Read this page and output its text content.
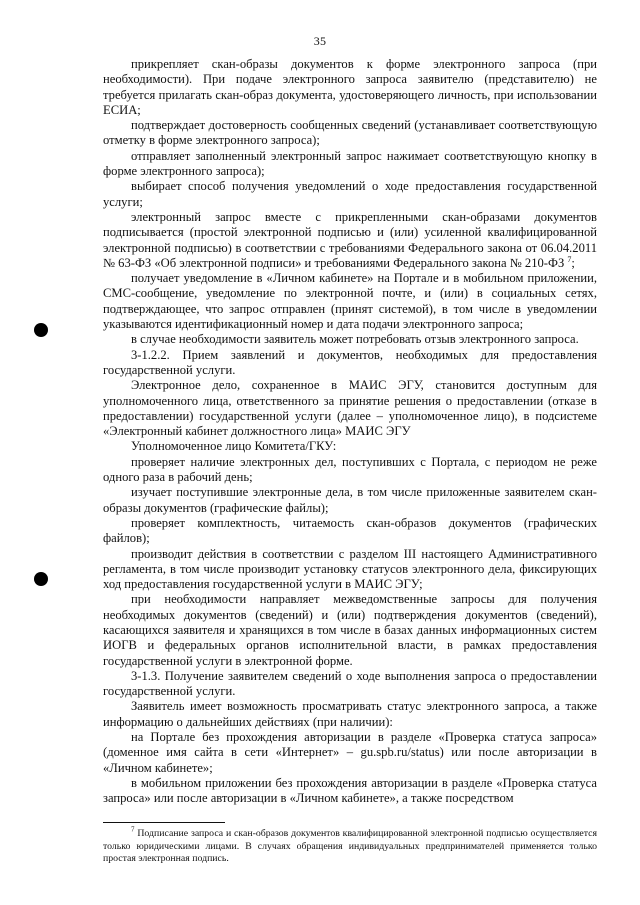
35

прикрепляет скан-образы документов к форме электронного запроса (при необходимости). При подаче электронного запроса заявителю (представителю) не требуется прилагать скан-образ документа, удостоверяющего личность, при использовании ЕСИА;

подтверждает достоверность сообщенных сведений (устанавливает соответствующую отметку в форме электронного запроса);

отправляет заполненный электронный запрос нажимает соответствующую кнопку в форме электронного запроса);

выбирает способ получения уведомлений о ходе предоставления государственной услуги;

электронный запрос вместе с прикрепленными скан-образами документов подписывается (простой электронной подписью и (или) усиленной квалифицированной электронной подписью) в соответствии с требованиями Федерального закона от 06.04.2011 № 63-ФЗ «Об электронной подписи» и требованиями Федерального закона № 210-ФЗ $^7$;

получает уведомление в «Личном кабинете» на Портале и в мобильном приложении, СМС-сообщение, уведомление по электронной почте, и (или) в социальных сетях, подтверждающее, что запрос отправлен (принят системой), в том числе в уведомлении указываются идентификационный номер и дата подачи электронного запроса;

в случае необходимости заявитель может потребовать отзыв электронного запроса.

3-1.2.2. Прием заявлений и документов, необходимых для предоставления государственной услуги.

Электронное дело, сохраненное в МАИС ЭГУ, становится доступным для уполномоченного лица, ответственного за принятие решения о предоставлении (отказе в предоставлении) государственной услуги (далее – уполномоченное лицо), в подсистеме «Электронный кабинет должностного лица» МАИС ЭГУ

Уполномоченное лицо Комитета/ГКУ:

проверяет наличие электронных дел, поступивших с Портала, с периодом не реже одного раза в рабочий день;

изучает поступившие электронные дела, в том числе приложенные заявителем скан-образы документов (графические файлы);

проверяет комплектность, читаемость скан-образов документов (графических файлов);

производит действия в соответствии с разделом III настоящего Административного регламента, в том числе производит установку статусов электронного дела, фиксирующих ход предоставления государственной услуги в МАИС ЭГУ;

при необходимости направляет межведомственные запросы для получения необходимых документов (сведений) и (или) подтверждения документов (сведений), касающихся заявителя и хранящихся в том числе в базах данных информационных систем ИОГВ и федеральных органов исполнительной власти, в рамках предоставления государственной услуги в электронной форме.

3-1.3. Получение заявителем сведений о ходе выполнения запроса о предоставлении государственной услуги.

Заявитель имеет возможность просматривать статус электронного запроса, а также информацию о дальнейших действиях (при наличии):

на Портале без прохождения авторизации в разделе «Проверка статуса запроса» (доменное имя сайта в сети «Интернет» – gu.spb.ru/status) или после авторизации в «Личном кабинете»;

в мобильном приложении без прохождения авторизации в разделе «Проверка статуса запроса» или после авторизации в «Личном кабинете», а также посредством

$^7$ Подписание запроса и скан-образов документов квалифицированной электронной подписью осуществляется только юридическими лицами. В случаях обращения индивидуальных предпринимателей применяется только простая электронная подпись.
